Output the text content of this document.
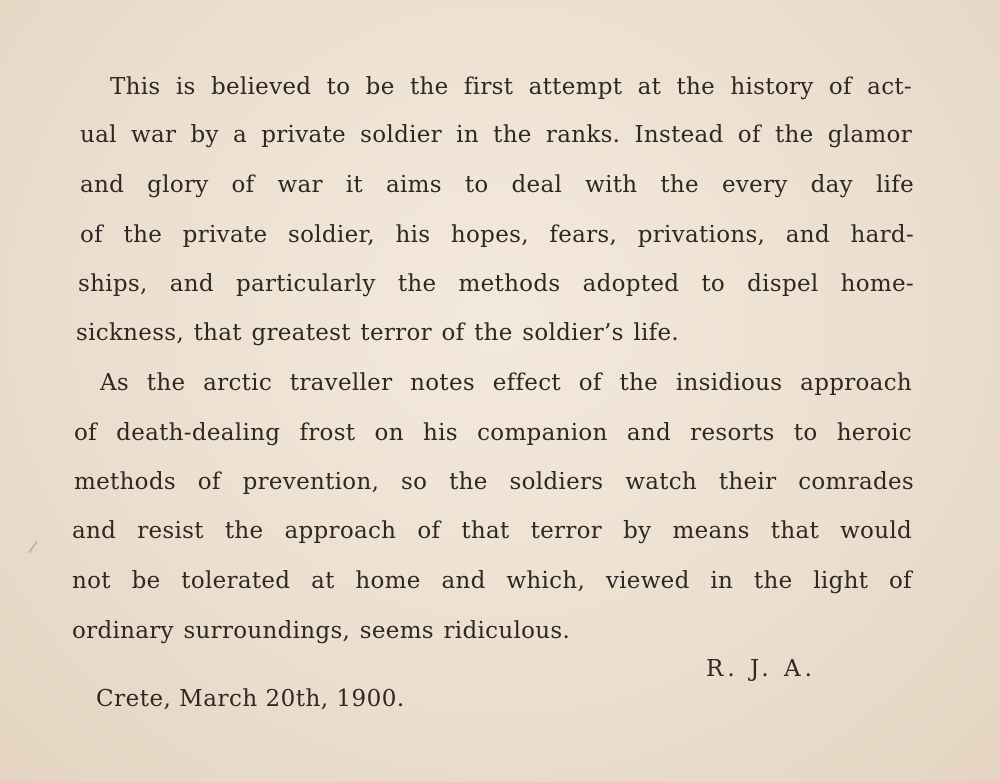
This is believed to be the first attempt at the history of act-
ual war by a private soldier in the ranks. Instead of the glamor
and glory of war it aims to deal with the every day life
of the private soldier, his hopes, fears, privations, and hard-
ships, and particularly the methods adopted to dispel home-
sickness, that greatest terror of the soldier’s life.
As the arctic traveller notes effect of the insidious approach
of death-dealing frost on his companion and resorts to heroic
methods of prevention, so the soldiers watch their comrades
and resist the approach of that terror by means that would
not be tolerated at home and which, viewed in the light of
ordinary surroundings, seems ridiculous.
R. J. A.
Crete, March 20th, 1900.
